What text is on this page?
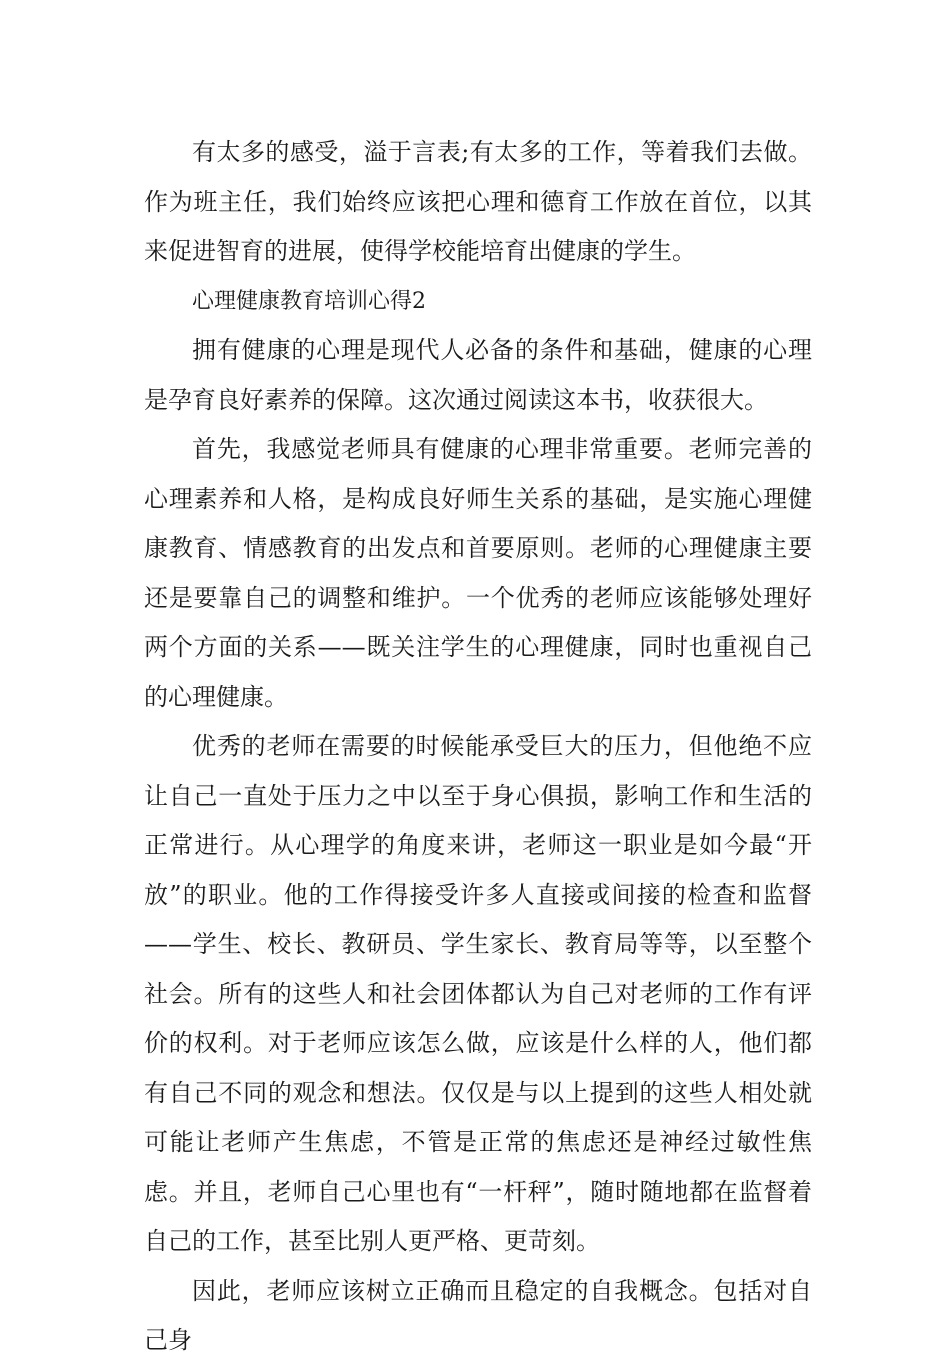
有太多的感受，溢于言表;有太多的工作，等着我们去做。作为班主任，我们始终应该把心理和德育工作放在首位，以其来促进智育的进展，使得学校能培育出健康的学生。

心理健康教育培训心得2

拥有健康的心理是现代人必备的条件和基础，健康的心理是孕育良好素养的保障。这次通过阅读这本书，收获很大。

首先，我感觉老师具有健康的心理非常重要。老师完善的心理素养和人格，是构成良好师生关系的基础，是实施心理健康教育、情感教育的出发点和首要原则。老师的心理健康主要还是要靠自己的调整和维护。一个优秀的老师应该能够处理好两个方面的关系——既关注学生的心理健康，同时也重视自己的心理健康。

优秀的老师在需要的时候能承受巨大的压力，但他绝不应让自己一直处于压力之中以至于身心俱损，影响工作和生活的正常进行。从心理学的角度来讲，老师这一职业是如今最“开放”的职业。他的工作得接受许多人直接或间接的检查和监督——学生、校长、教研员、学生家长、教育局等等，以至整个社会。所有的这些人和社会团体都认为自己对老师的工作有评价的权利。对于老师应该怎么做，应该是什么样的人，他们都有自己不同的观念和想法。仅仅是与以上提到的这些人相处就可能让老师产生焦虑，不管是正常的焦虑还是神经过敏性焦虑。并且，老师自己心里也有“一杆秤”，随时随地都在监督着自己的工作，甚至比别人更严格、更苛刻。

因此，老师应该树立正确而且稳定的自我概念。包括对自己身
